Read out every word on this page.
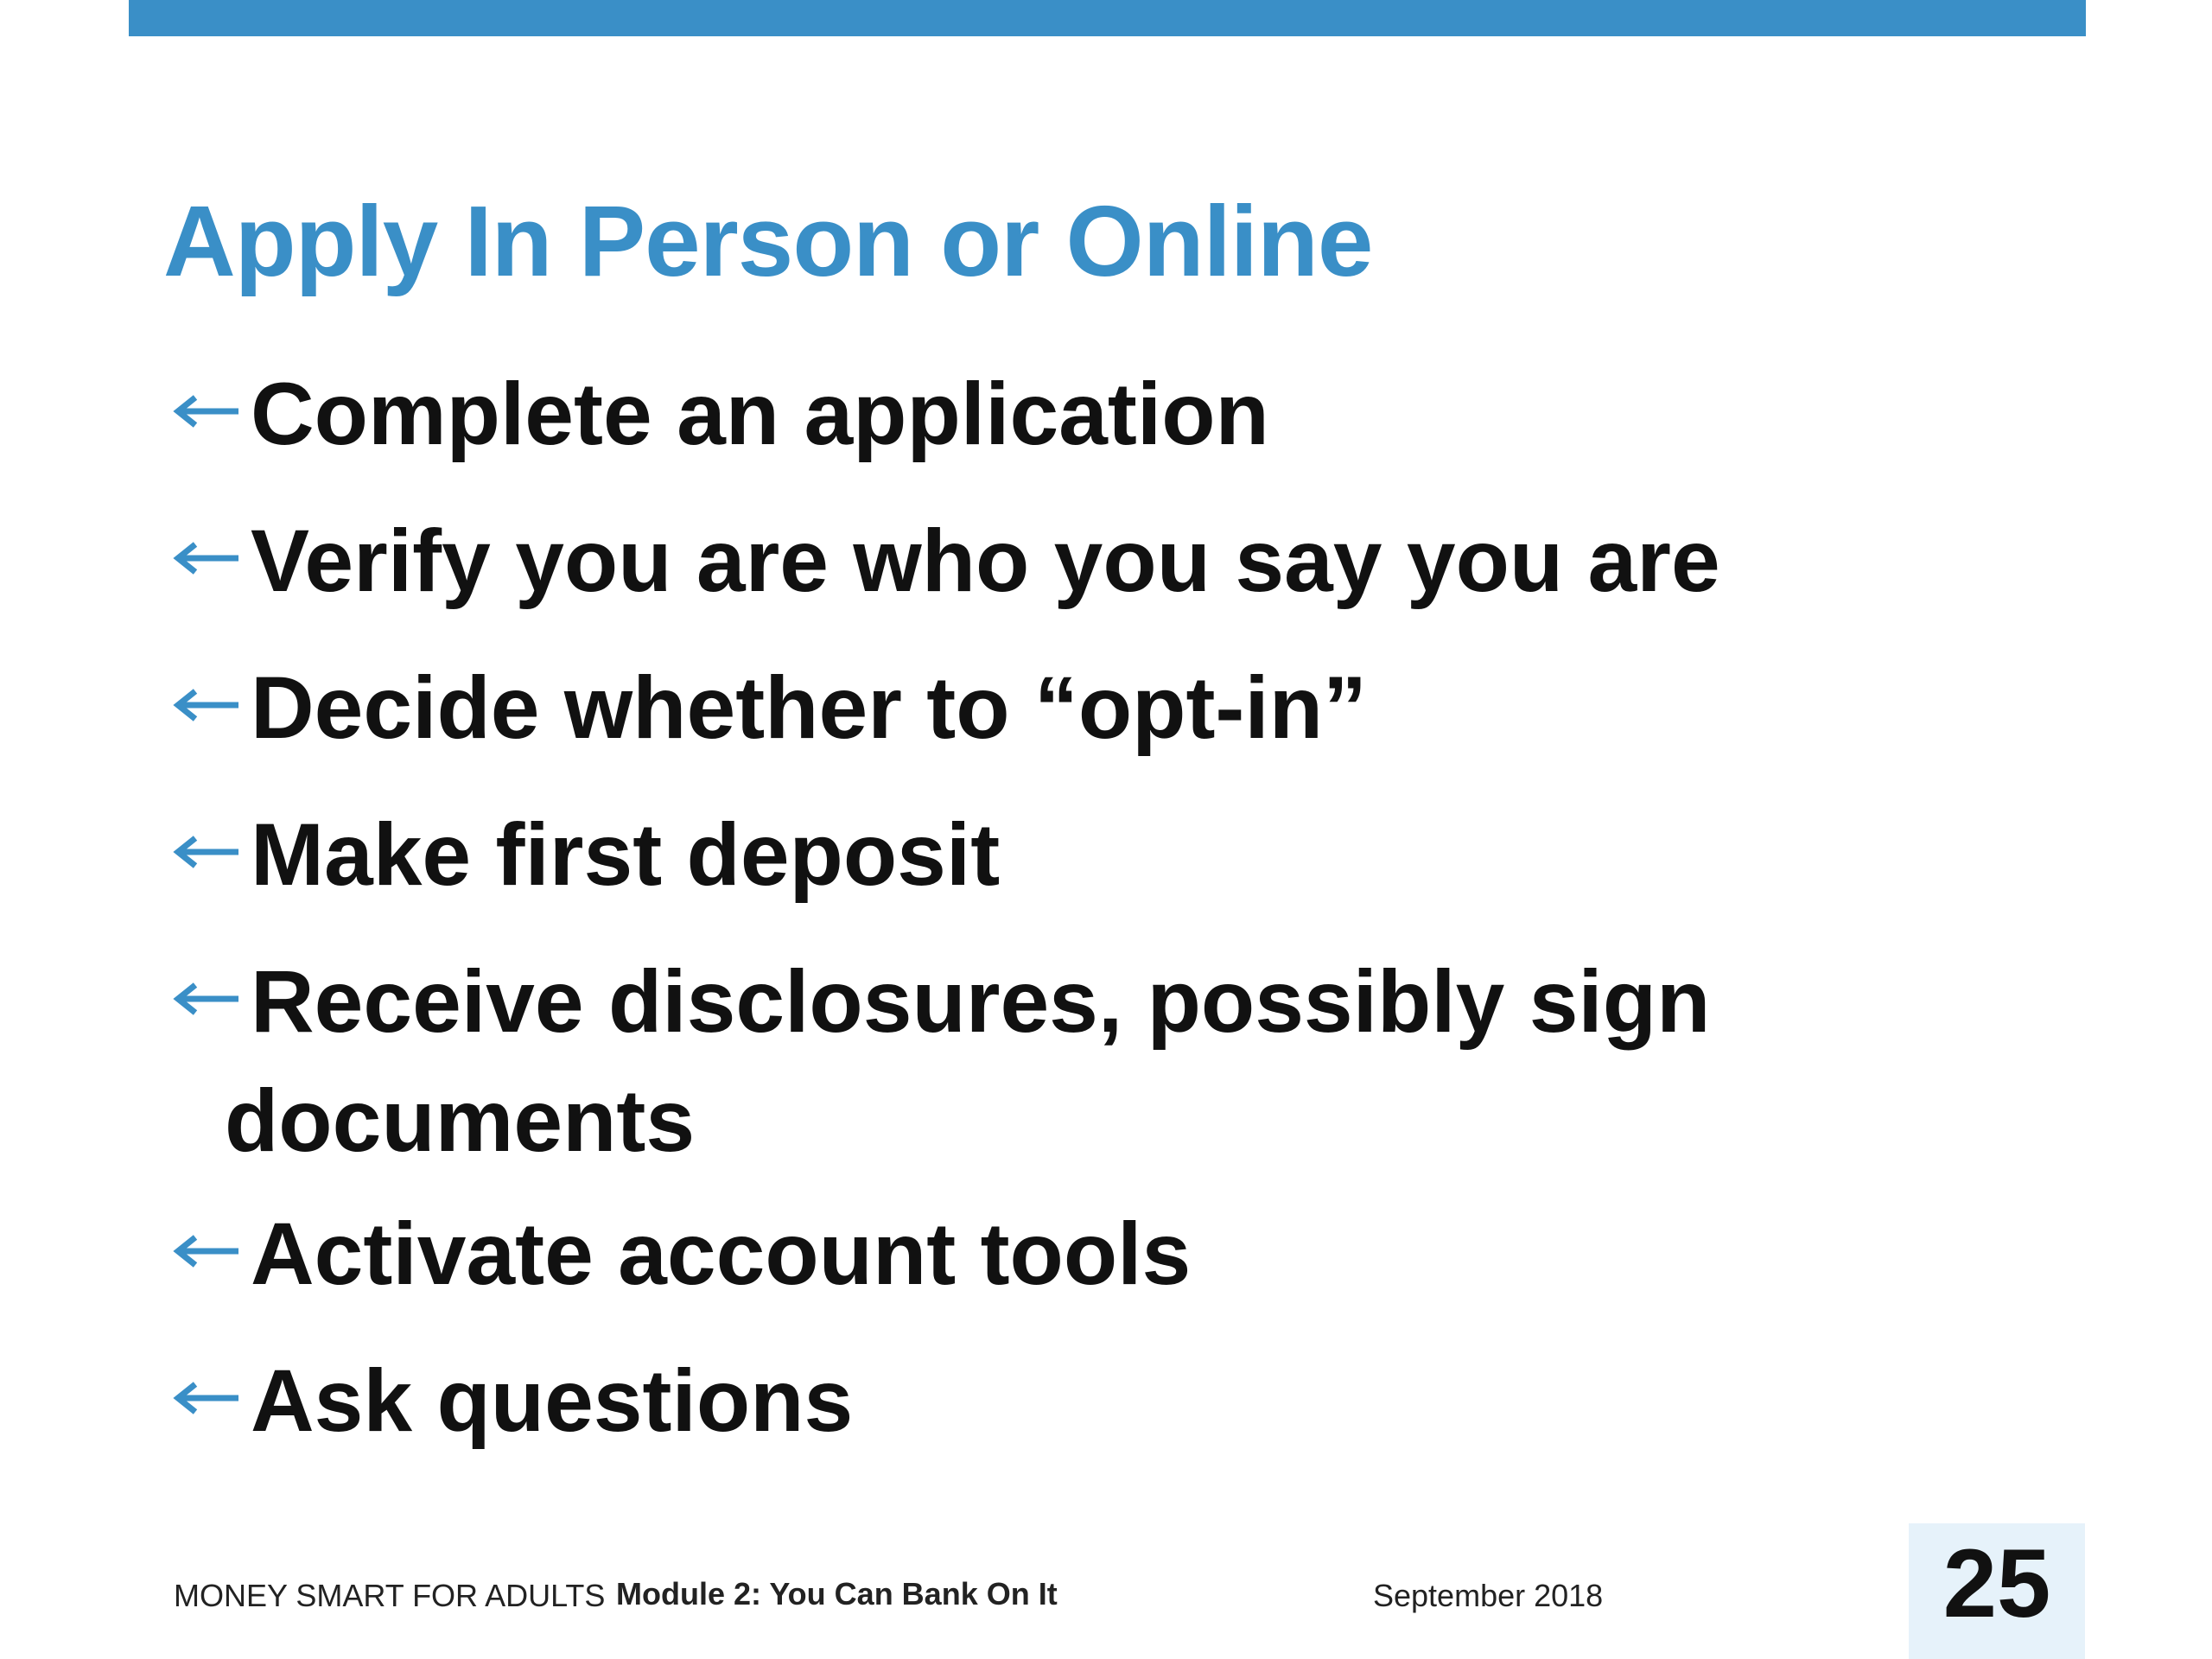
Apply In Person or Online
Complete an application
Verify you are who you say you are
Decide whether to “opt-in”
Make first deposit
Receive disclosures, possibly sign
documents
Activate account tools
Ask questions
MONEY SMART FOR ADULTS Module 2: You Can Bank On It	September 2018	25
